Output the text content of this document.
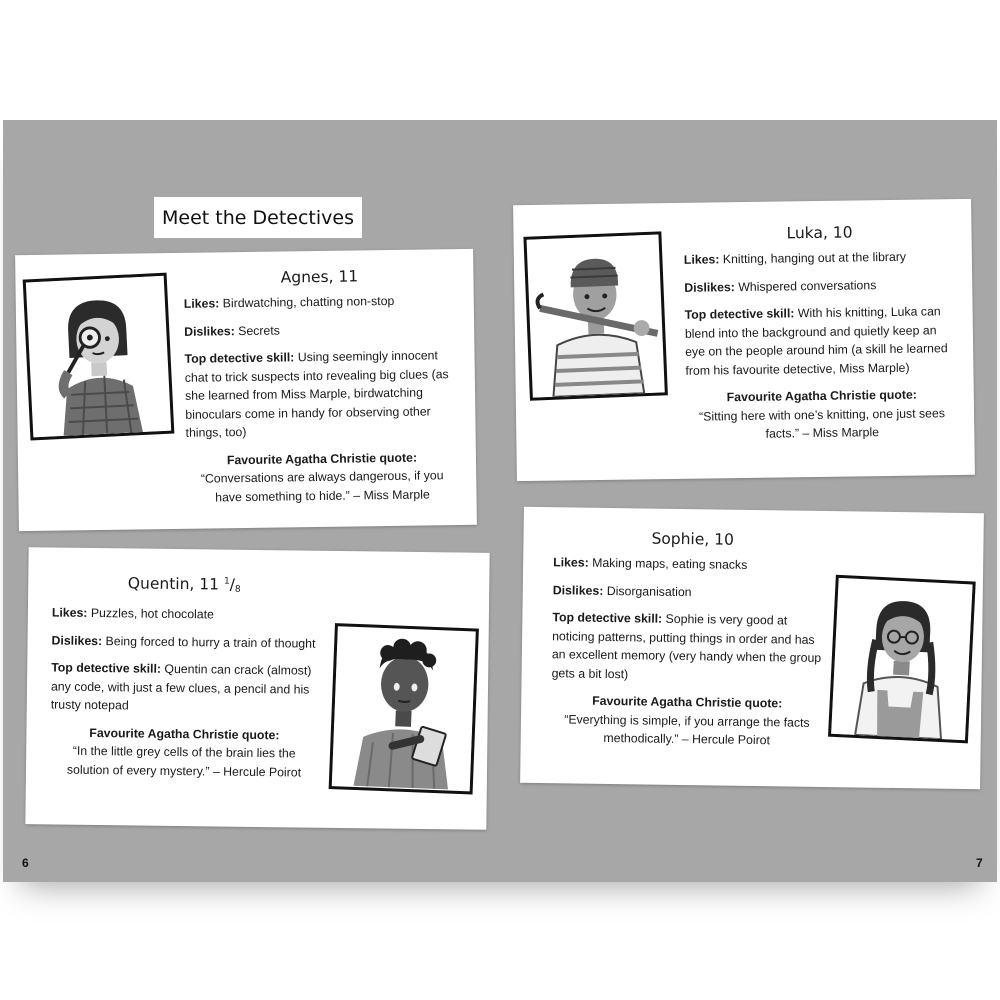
Meet the Detectives
Agnes, 11
Likes: Birdwatching, chatting non-stop
Dislikes: Secrets
Top detective skill: Using seemingly innocent chat to trick suspects into revealing big clues (as she learned from Miss Marple, birdwatching binoculars come in handy for observing other things, too)
Favourite Agatha Christie quote:
“Conversations are always dangerous, if you have something to hide.” – Miss Marple
Quentin, 11 $^1/_8$
Likes: Puzzles, hot chocolate
Dislikes: Being forced to hurry a train of thought
Top detective skill: Quentin can crack (almost) any code, with just a few clues, a pencil and his trusty notepad
Favourite Agatha Christie quote:
“In the little grey cells of the brain lies the solution of every mystery.” – Hercule Poirot
Luka, 10
Likes: Knitting, hanging out at the library
Dislikes: Whispered conversations
Top detective skill: With his knitting, Luka can blend into the background and quietly keep an eye on the people around him (a skill he learned from his favourite detective, Miss Marple)
Favourite Agatha Christie quote:
“Sitting here with one’s knitting, one just sees facts.” – Miss Marple
Sophie, 10
Likes: Making maps, eating snacks
Dislikes: Disorganisation
Top detective skill: Sophie is very good at noticing patterns, putting things in order and has an excellent memory (very handy when the group gets a bit lost)
Favourite Agatha Christie quote:
“Everything is simple, if you arrange the facts methodically.” – Hercule Poirot
6	7
